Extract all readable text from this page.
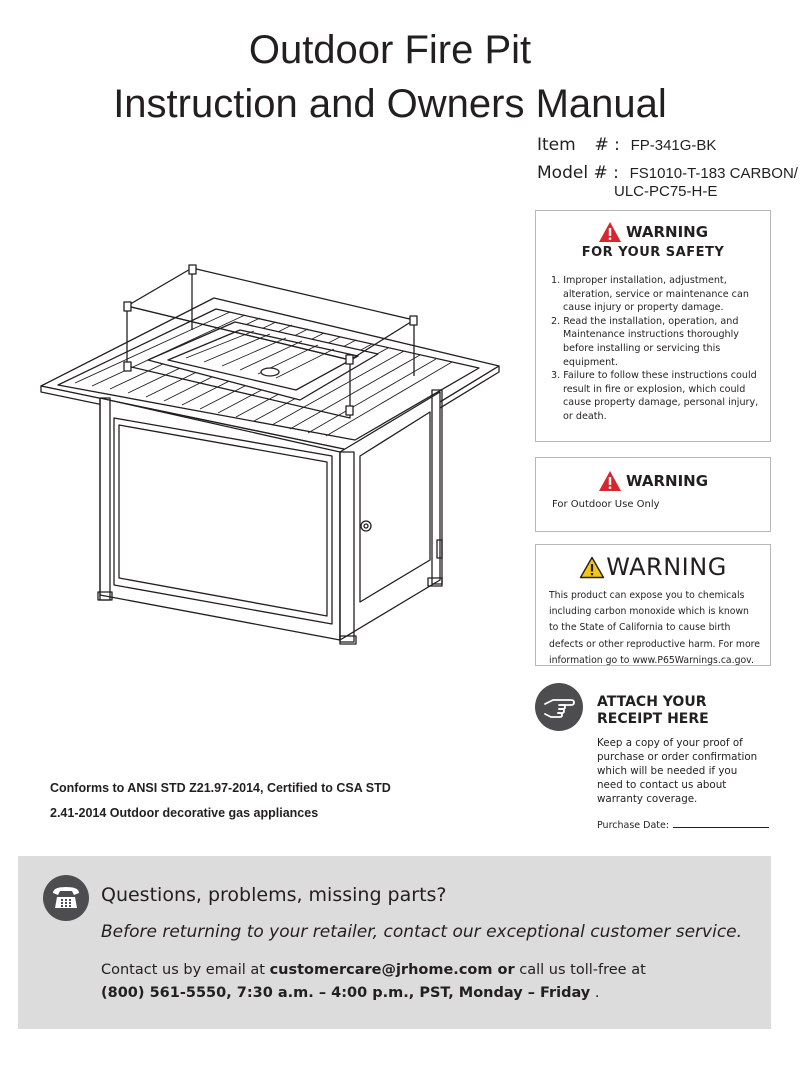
Outdoor Fire Pit
Instruction and Owners Manual
Item # : FP-341G-BK
Model # : FS1010-T-183 CARBON/
ULC-PC75-H-E
WARNING
FOR YOUR SAFETY
1. Improper installation, adjustment, alteration, service or maintenance can cause injury or property damage.
2. Read the installation, operation, and Maintenance instructions thoroughly before installing or servicing this equipment.
3. Failure to follow these instructions could result in fire or explosion, which could cause property damage, personal injury, or death.
WARNING
For Outdoor Use Only
WARNING
This product can expose you to chemicals including carbon monoxide which is known to the State of California to cause birth defects or other reproductive harm. For more information go to www.P65Warnings.ca.gov.
ATTACH YOUR
RECEIPT HERE
Keep a copy of your proof of purchase or order confirmation which will be needed if you need to contact us about warranty coverage.
Purchase Date:
Conforms to ANSI STD Z21.97-2014, Certified to CSA STD
2.41-2014 Outdoor decorative gas appliances
Questions, problems, missing parts?
Before returning to your retailer, contact our exceptional customer service.
Contact us by email at customercare@jrhome.com or call us toll-free at
(800) 561-5550, 7:30 a.m. – 4:00 p.m., PST, Monday – Friday .
